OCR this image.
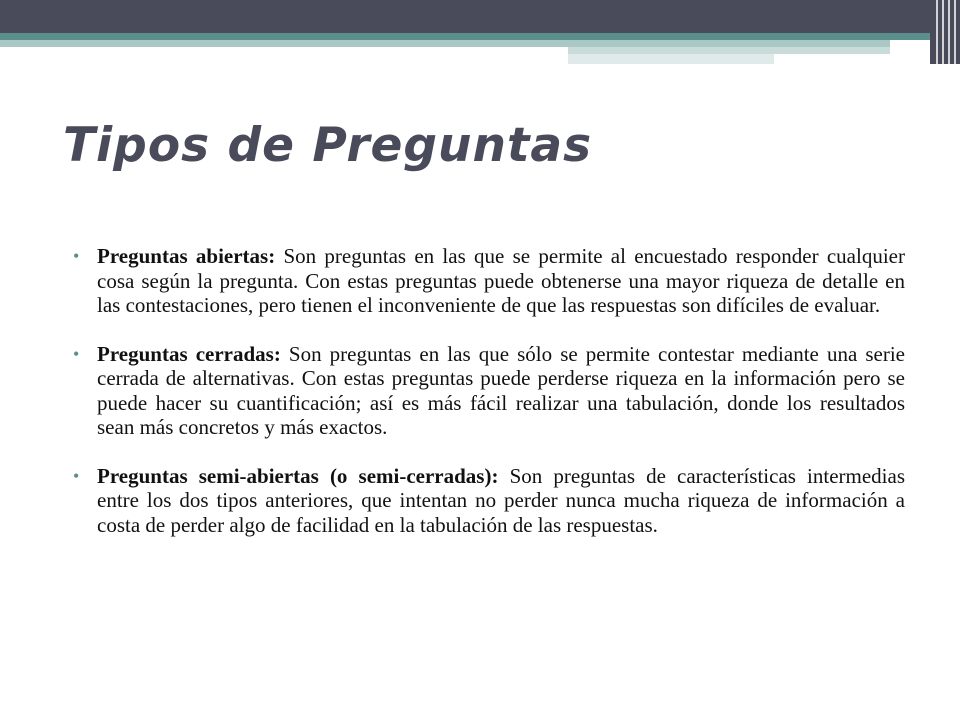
Tipos de Preguntas
• Preguntas abiertas: Son preguntas en las que se permite al encuestado responder cualquier cosa según la pregunta. Con estas preguntas puede obtenerse una mayor riqueza de detalle en las contestaciones, pero tienen el inconveniente de que las respuestas son difíciles de evaluar.
• Preguntas cerradas: Son preguntas en las que sólo se permite contestar mediante una serie cerrada de alternativas. Con estas preguntas puede perderse riqueza en la información pero se puede hacer su cuantificación; así es más fácil realizar una tabulación, donde los resultados sean más concretos y más exactos.
• Preguntas semi-abiertas (o semi-cerradas): Son preguntas de características intermedias entre los dos tipos anteriores, que intentan no perder nunca mucha riqueza de información a costa de perder algo de facilidad en la tabulación de las respuestas.
